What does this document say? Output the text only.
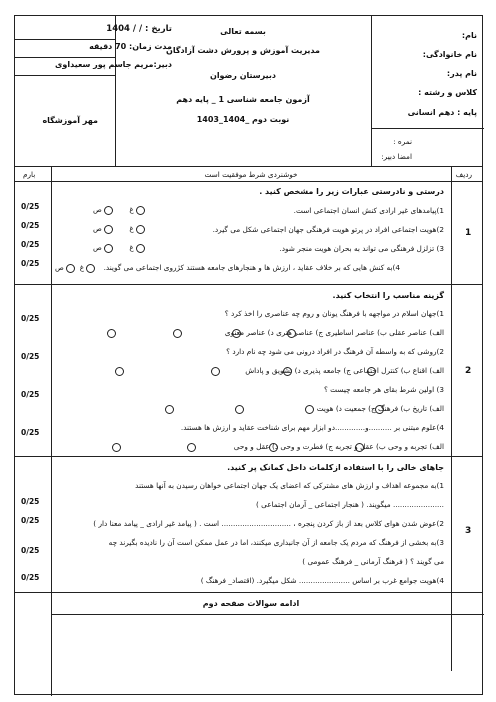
تاریخ : / / 1404
مدت زمان: 70 دقیقه
دبیر:مریم جاسم پور سعیداوی
مهر آموزشگاه
بسمه تعالی
مدیریت آموزش و پرورش دشت آزادگان
دبیرستان رضوان
آزمون جامعه شناسی 1 _ پایه دهم
نوبت دوم _1404_1403
نام:
نام خانوادگی:
نام پدر:
کلاس و رشته :
پایه : دهم انسانی
نمره :
امضا دبیر:
ردیف
خوشنردی شرط موفقیت است
بارم
درستی و نادرستی عبارات زیر را مشخص کنید .
1)پیامدهای غیر ارادی کنش انسان اجتماعی است.
2)هویت اجتماعی افراد در پرتو هویت فرهنگی جهان اجتماعی شکل می گیرد.
3) تزلزل فرهنگی می تواند به بحران هویت منجر شود.
4)به کنش هایی که بر خلاف عقاید ، ارزش ها و هنجارهای جامعه هستند کژروی اجتماعی می گویند.
غ        ص
غ        ص
غ        ص
غ   ص
1
0/25
0/25
0/25
0/25
گزینه مناسب را انتخاب کنید.
1)جهان اسلام در مواجهه با فرهنگ یونان و روم چه عناصری را اخذ کرد ؟
الف) عناصر عقلی ب) عناصر اساطیری ج) عناصر هنری د) عناصر معنوی
2)روشی که به واسطه آن فرهنگ در افراد درونی می شود چه نام دارد ؟
الف) اقناع ب) کنترل اجتماعی ج) جامعه پذیری د) تشویق و پاداش
3) اولین شرط بقای هر جامعه چیست ؟
الف) تاریخ ب) فرهنگ ج) جمعیت د) هویت
4)علوم مبتنی بر ..........و.............دو ابزار مهم برای شناخت عقاید و ارزش ها هستند.
الف) تجربه و وحی ب) عقل و تجربه ج) فطرت و وحی د) عقل و وحی
2
0/25
0/25
0/25
0/25
جاهای خالی را با استفاده ازکلمات داخل کمانک پر کنید.
1)به مجموعه اهداف و ارزش های مشترکی که اعضای یک جهان اجتماعی خواهان رسیدن به آنها هستند
...................... میگویند. ( هنجار اجتماعی _ آرمان اجتماعی )
2)عوض شدن هوای کلاس بعد از باز کردن پنجره ، .............................. است . ( پیامد غیر ارادی _ پیامد معنا دار )
3)به بخشی از فرهنگ که مردم یک جامعه از آن جانبداری میکنند، اما در عمل ممکن است آن را نادیده بگیرند چه
می گویند ؟ ( فرهنگ آرمانی _ فرهنگ عمومی )
4)هویت جوامع غرب بر اساس ...................... شکل میگیرد. (اقتصاد_ فرهنگ )
3
0/25
0/25
0/25
0/25
ادامه سوالات صفحه دوم
